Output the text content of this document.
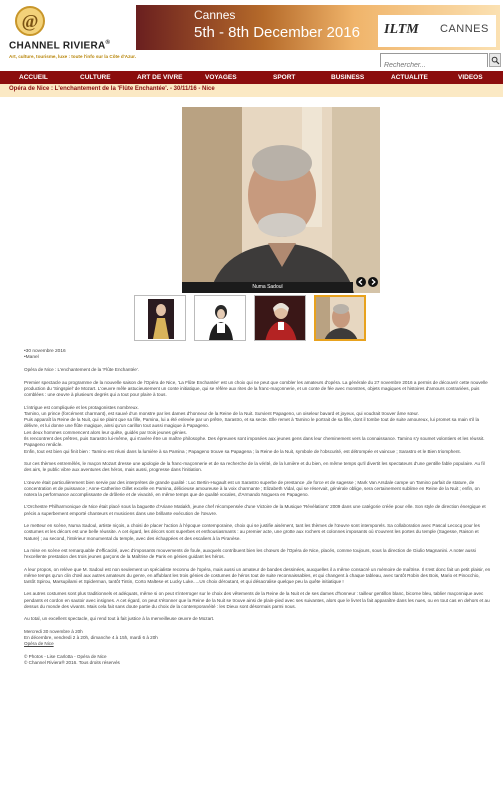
@
CHANNEL RIVIERA®
Art, culture, tourisme, luxe : toute l'info sur la Côte d'Azur.
Cannes
5th - 8th December 2016 ILTM CANNES
Rechercher...
ACCUEIL	CULTURE	ART DE VIVRE	VOYAGES	SPORT	BUSINESS	ACTUALITE	VIDEOS
Opéra de Nice : L'enchantement de la 'Flûte Enchantée'. - 30/11/16 - Nice
Numa Sadoul
•30 novembre 2016
•Manel
Opéra de Nice : L'enchantement de la 'Flûte Enchantée'.
Premier spectacle au programme de la nouvelle saison de l'Opéra de Nice, 'La Flûte Enchantée' est un choix qui ne peut que combler les amateurs d'opéra. La générale du 27 novembre 2016 a permis de découvrir cette nouvelle production du 'Singspiel' de Mozart. L'oeuvre mêle astucieusement un conte initiatique, qui se réfère aux rites de la franc-maçonnerie, et un conte de fée avec monstres, objets magiques et histoires d'amours contrariées, puis comblées : une œuvre à plusieurs degrés qui a tout pour plaire à tous.
L'intrigue est compliquée et les protagonistes nombreux.
Tamino, un prince (forcément charmant), est sauvé d'un monstre par les dames d'honneur de la Reine de la Nuit. Survient Papageno, un oiseleur bavard et joyeux, qui voudrait trouver âme sœur.
Puis apparaît la Reine de la Nuit, qui se plaint que sa fille, Pamina, lui a été enlevée par un prêtre, Sarastro, et sa secte. Elle remet à Tamino le portrait de sa fille, dont il tombe tout de suite amoureux, lui promet sa main s'il la délivre, et lui donne une flûte magique, ainsi qu'un carillon tout aussi magique à Papageno.
Les deux hommes commencent alors leur quête, guidés par trois jeunes génies.
Ils rencontrent des prêtres, puis Sarastro lui-même, qui s'avère être un maître philosophe. Des épreuves sont imposées aux jeunes gens dans leur cheminement vers la connaissance. Tamino s'y soumet volontiers et les réussit. Papageno renâcle.
Enfin, tout est bien qui finit bien : Tamino est réuni dans la lumière à sa Pamina ; Papageno trouve sa Papagena ; la Reine de la Nuit, symbole de l'obscurité, est détrompée et vaincue ; Sarastro et le Bien triomphent.
Sur ces thèmes entremêlés, le maçon Mozart dresse une apologie de la franc-maçonnerie et de sa recherche de la vérité, de la lumière et du bien, en même temps qu'il divertit les spectateurs d'une gentille fable populaire. Au fil des airs, le public vibre aux aventures des héros, mais aussi, progresse dans l'initiation.
L'œuvre était particulièrement bien servie par des interprètes de grande qualité : Luc Bertin-Hugault est un Sarastro superbe de prestance ,de force et de sagesse ; Mark Van Arsdale campe un Tamino parfait de stature, de concentration et de puissance ; Anne-Catherine Gillet excelle en Pamina, délicieuse amoureuse à la voix charmante ; Elizabeth Vidal, qui se réservait, générale oblige, sera certainement sublime en Reine de la Nuit ; enfin, on notera la performance accomplissante de drôlerie et de vivacité, en même temps que de qualité vocales, d'Armando Noguera en Papageno.
L'Orchestre Philharmonique de Nice était placé sous la baguette d'Ariane Matiakh, jeune chef récompensée d'une Victoire de la Musique 'Révélations' 2009 dans une catégorie créée pour elle. Son style de direction énergique et précis a superbement emporté chanteurs et musiciens dans une brillante exécution de l'œuvre.
Le metteur en scène, Numa Sadoul, artiste niçois, a choisi de placer l'action à l'époque contemporaine, choix qui se justifie aisément, tant les thèmes de l'œuvre sont intemporels. Sa collaboration avec Pascal Lecocq pour les costumes et les décors est une belle réussite. A cet égard, les décors sont superbes et enthousiasmants : au premier acte, une grotte aux rochers et colonnes imposants où s'ouvrent les portes du temple (Sagesse, Raison et Nature) ; au second, l'intérieur monumental du temple, avec des échappées et des escaliers à la Piranèse.
La mise en scène est remarquable d'efficacité, avec d'imposants mouvements de foule, auxquels contribuent bien les chœurs de l'Opéra de Nice, placés, comme toujours, sous la direction de Giulio Magnanini. A noter aussi l'excellente prestation des trois jeunes garçons de la Maîtrise de Paris en génies guidant les héros.
A leur propos, on relève que M. Sadoul est non seulement un spécialiste reconnu de l'opéra, mais aussi un amateur de bandes dessinées, auxquelles il a même consacré un mémoire de maîtrise. Il s'est donc fait un petit plaisir, en même temps qu'un clin d'œil aux autres amateurs du genre, en affublant les trois génies de costumes de héros tout de suite reconnaissables, et qui changent à chaque tableau, avec tantôt Robin des Bois, Mario et Pinocchio, tantôt Spirou, Marsupilami et Spiderman, tantôt Tintin, Corto Maltese et Lucky Luke.....Un choix déroutant, et qui désacralise quelque peu la quête initiatique !
Les autres costumes sont plus traditionnels et adéquats, même si on peut s'interroger sur le choix des vêtements de la Reine de la Nuit et de ses dames d'honneur : tailleur gentillon blanc, bicorne bleu, tablier maçonnique avec pendants et cordon en sautoir avec insignes. A cet égard, on peut s'étonner que la Reine de la Nuit se trouve ainsi de plain-pied avec ses suivantes, alors que le livret la fait apparaître dans les nues, ou en tout cas en dehors et au dessus du monde des vivants. Mais cela fait sans doute partie du choix de la contemporanéité : les Dieux sont désormais parmi nous.
Au total, un excellent spectacle, qui rend tout à fait justice à la merveilleuse œuvre de Mozart.
Mercredi 30 novembre à 20h
En décembre, vendredi 2 à 20h, dimanche 4 à 15h, mardi 6 à 20h
Opéra de Nice
© Photos - Lise Carlotta - Opéra de Nice
© Channel Riviera® 2016. Tous droits réservés
